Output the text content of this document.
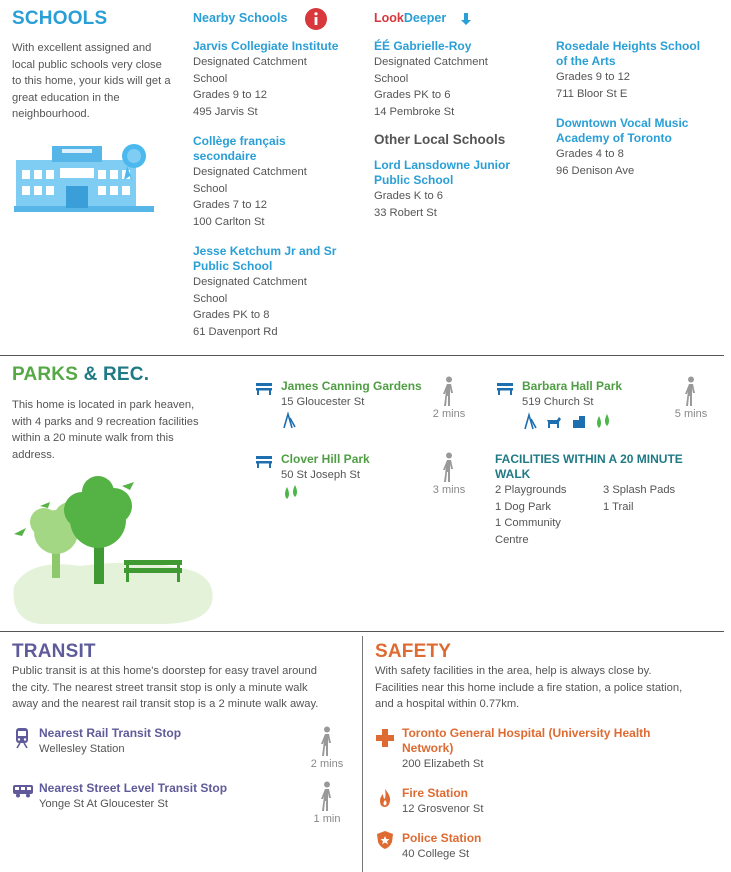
SCHOOLS
With excellent assigned and local public schools very close to this home, your kids will get a great education in the neighbourhood.
Nearby Schools	LookDeeper
Jarvis Collegiate Institute
Designated Catchment
School
Grades 9 to 12
495 Jarvis St
Collège français
secondaire
Designated Catchment
School
Grades 7 to 12
100 Carlton St
Jesse Ketchum Jr and Sr
Public School
Designated Catchment
School
Grades PK to 8
61 Davenport Rd
ÉÉ Gabrielle-Roy
Designated Catchment
School
Grades PK to 6
14 Pembroke St
Other Local Schools
Lord Lansdowne Junior
Public School
Grades K to 6
33 Robert St
Rosedale Heights School
of the Arts
Grades 9 to 12
711 Bloor St E
Downtown Vocal Music
Academy of Toronto
Grades 4 to 8
96 Denison Ave
PARKS & REC.
This home is located in park heaven, with 4 parks and 9 recreation facilities within a 20 minute walk from this address.
James Canning Gardens
15 Gloucester St
2 mins
Barbara Hall Park
519 Church St
5 mins
Clover Hill Park
50 St Joseph St
3 mins
FACILITIES WITHIN A 20 MINUTE
WALK
2 Playgrounds
1 Dog Park
1 Community
Centre
3 Splash Pads
1 Trail
TRANSIT
Public transit is at this home's doorstep for easy travel around
the city. The nearest street transit stop is only a minute walk
away and the nearest rail transit stop is a 2 minute walk away.
Nearest Rail Transit Stop
Wellesley Station
2 mins
Nearest Street Level Transit Stop
Yonge St At Gloucester St
1 min
SAFETY
With safety facilities in the area, help is always close by.
Facilities near this home include a fire station, a police station,
and a hospital within 0.77km.
Toronto General Hospital (University Health
Network)
200 Elizabeth St
Fire Station
12 Grosvenor St
Police Station
40 College St
